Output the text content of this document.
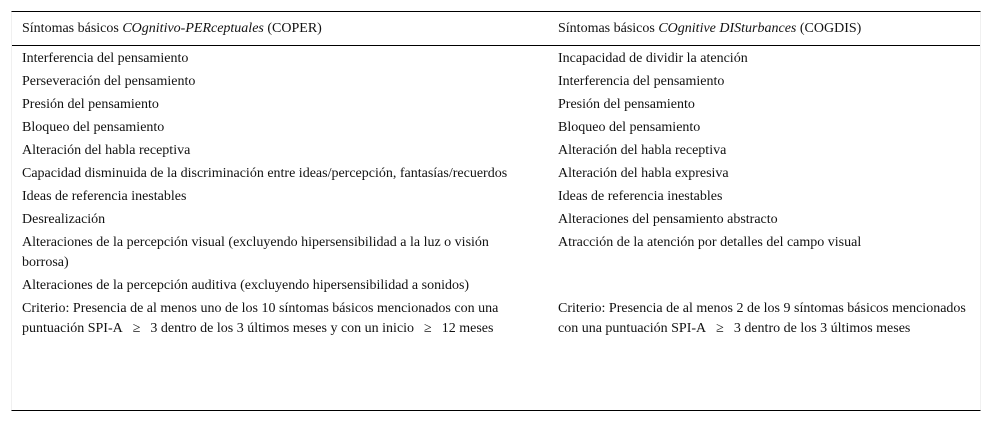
Síntomas básicos COgnitivo-PERceptuales (COPER)	Síntomas básicos COgnitive DISturbances (COGDIS)
Interferencia del pensamiento	Incapacidad de dividir la atención
Perseveración del pensamiento	Interferencia del pensamiento
Presión del pensamiento	Presión del pensamiento
Bloqueo del pensamiento	Bloqueo del pensamiento
Alteración del habla receptiva	Alteración del habla receptiva
Capacidad disminuida de la discriminación entre ideas/percepción, fantasías/recuerdos	Alteración del habla expresiva
Ideas de referencia inestables	Ideas de referencia inestables
Desrealización	Alteraciones del pensamiento abstracto
Alteraciones de la percepción visual (excluyendo hipersensibilidad a la luz o visión borrosa)	Atracción de la atención por detalles del campo visual
Alteraciones de la percepción auditiva (excluyendo hipersensibilidad a sonidos)	
Criterio: Presencia de al menos uno de los 10 síntomas básicos mencionados con una puntuación SPI-A ≥ 3 dentro de los 3 últimos meses y con un inicio ≥ 12 meses	Criterio: Presencia de al menos 2 de los 9 síntomas básicos mencionados con una puntuación SPI-A ≥ 3 dentro de los 3 últimos meses
